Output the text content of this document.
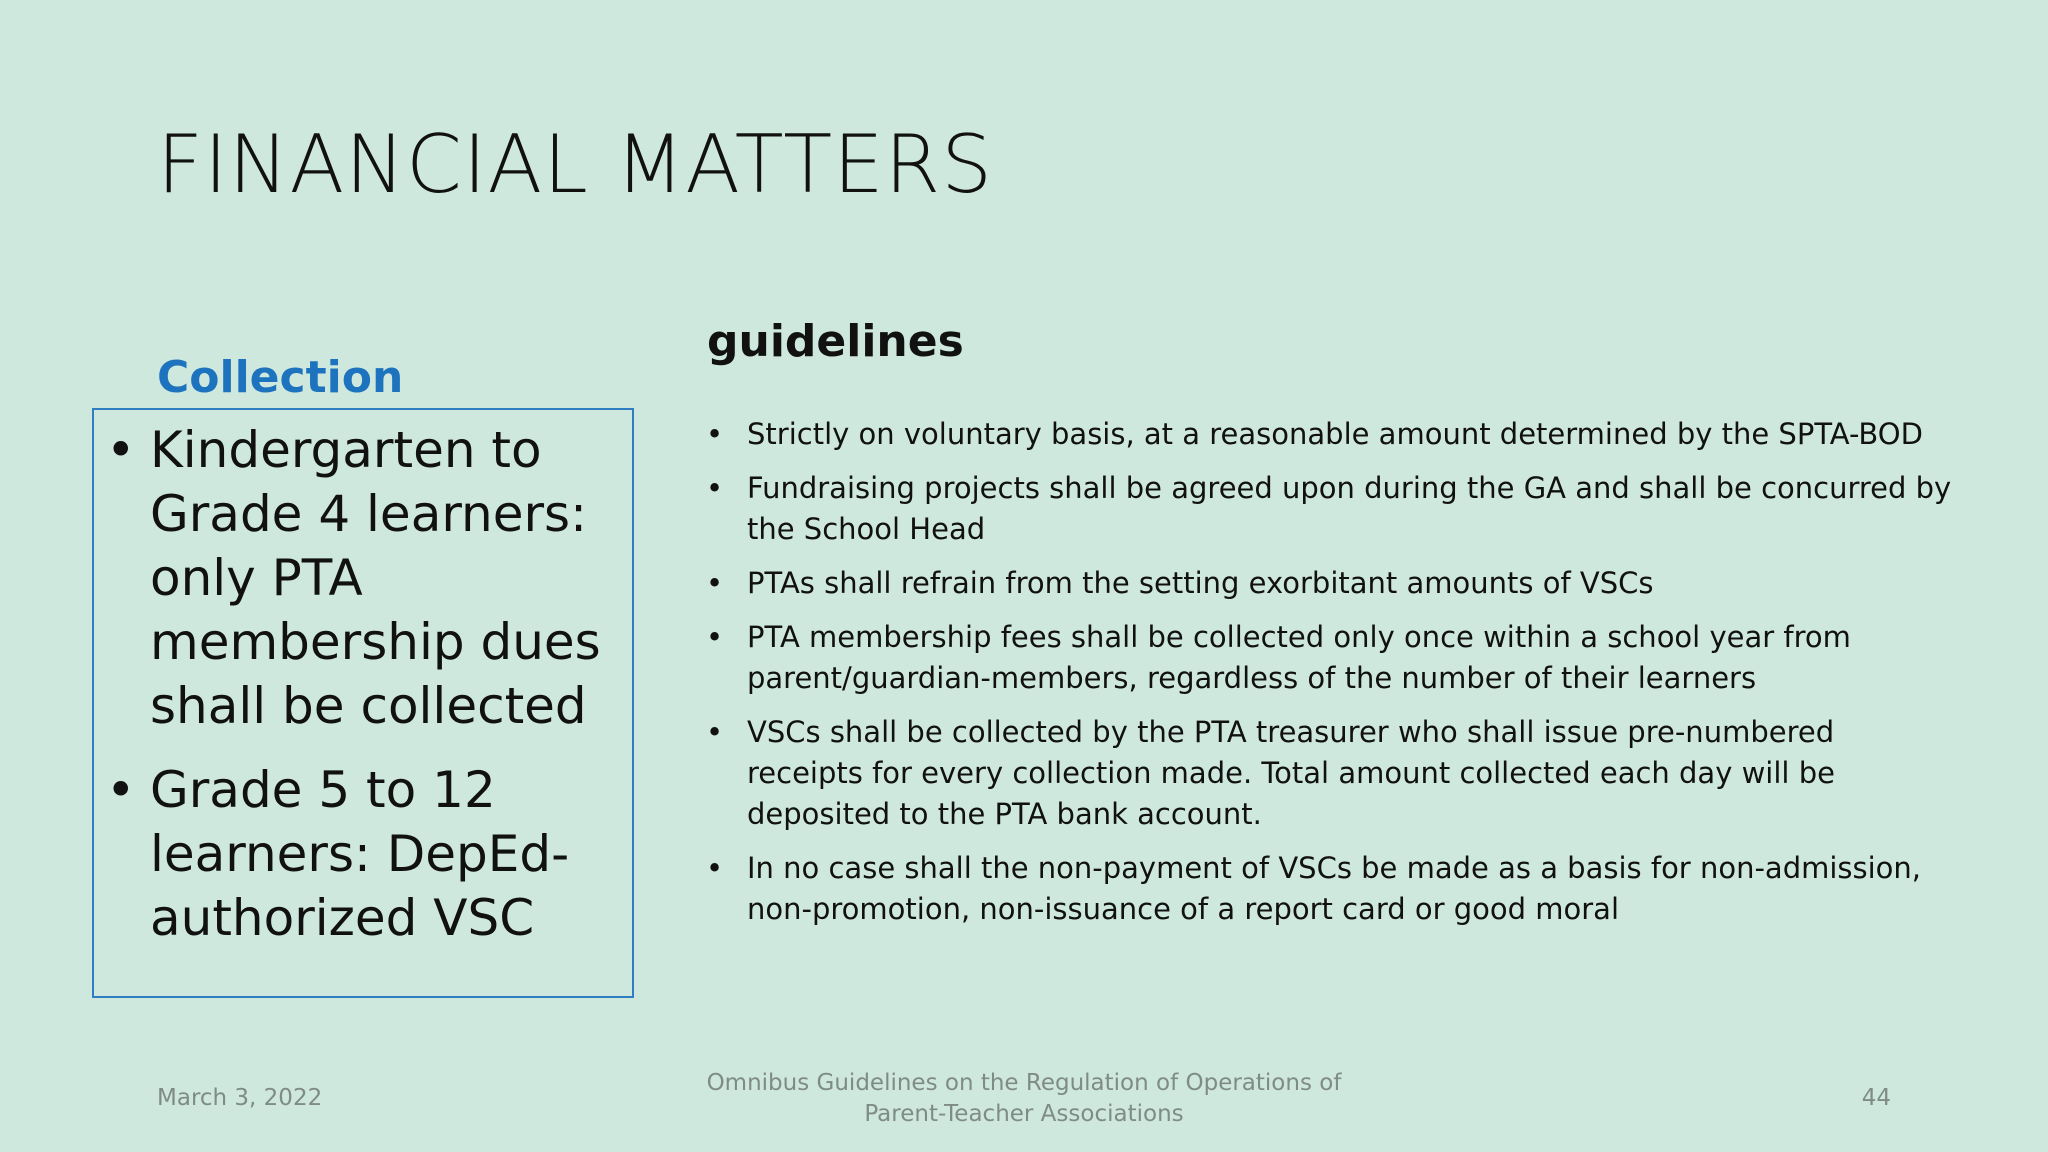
FINANCIAL MATTERS
Collection
• Kindergarten to Grade 4 learners: only PTA membership dues shall be collected
• Grade 5 to 12 learners: DepEd-authorized VSC
guidelines
• Strictly on voluntary basis, at a reasonable amount determined by the SPTA-BOD
• Fundraising projects shall be agreed upon during the GA and shall be concurred by the School Head
• PTAs shall refrain from the setting exorbitant amounts of VSCs
• PTA membership fees shall be collected only once within a school year from parent/guardian-members, regardless of the number of their learners
• VSCs shall be collected by the PTA treasurer who shall issue pre-numbered receipts for every collection made. Total amount collected each day will be deposited to the PTA bank account.
• In no case shall the non-payment of VSCs be made as a basis for non-admission, non-promotion, non-issuance of a report card or good moral
March 3, 2022
Omnibus Guidelines on the Regulation of Operations of Parent-Teacher Associations
44
